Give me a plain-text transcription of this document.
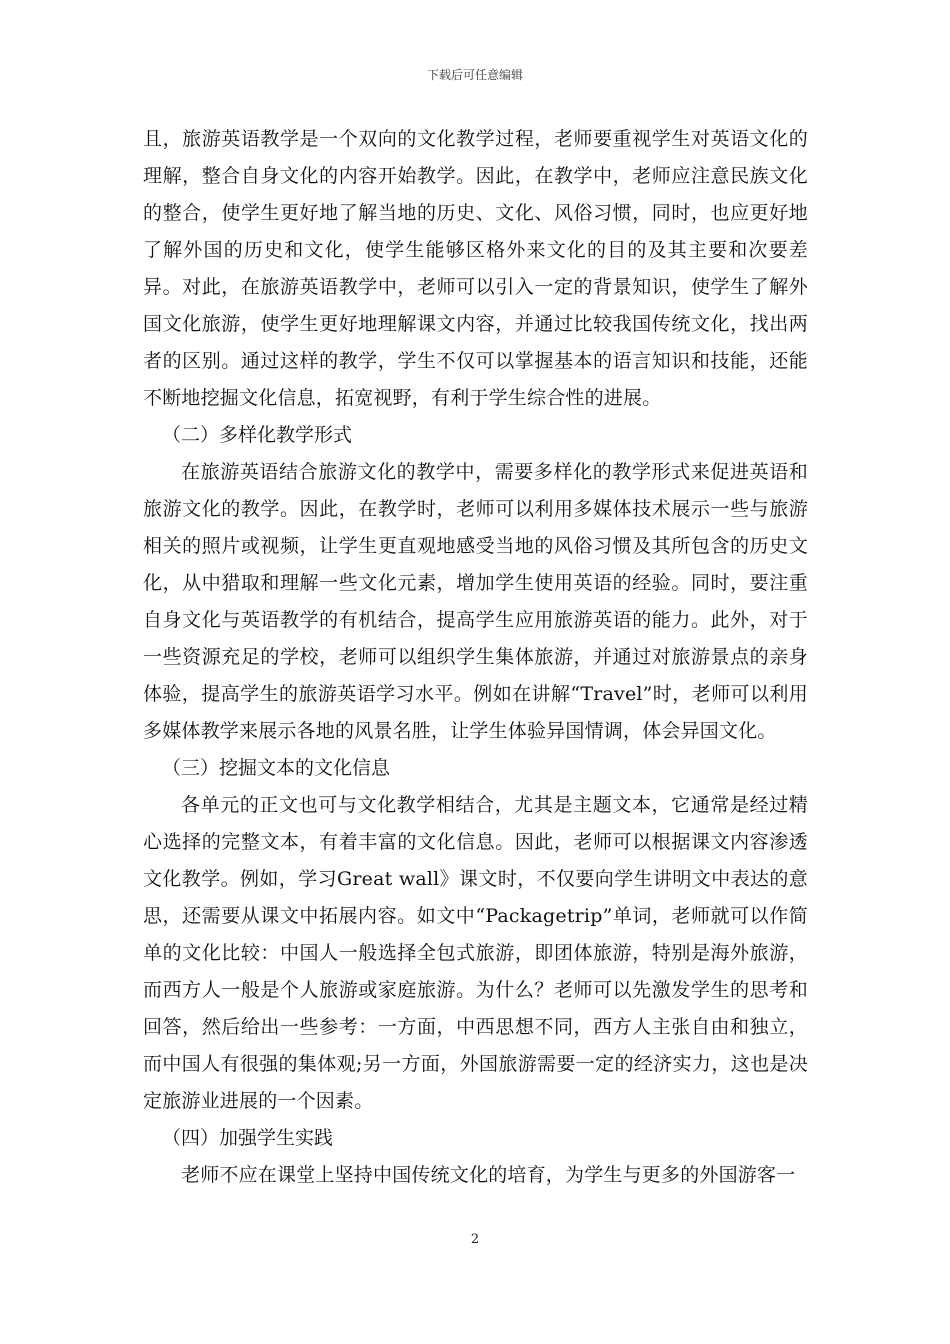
下载后可任意编辑

且，旅游英语教学是一个双向的文化教学过程，老师要重视学生对英语文化的理解，整合自身文化的内容开始教学。因此，在教学中，老师应注意民族文化的整合，使学生更好地了解当地的历史、文化、风俗习惯，同时，也应更好地了解外国的历史和文化，使学生能够区格外来文化的目的及其主要和次要差异。对此，在旅游英语教学中，老师可以引入一定的背景知识，使学生了解外国文化旅游，使学生更好地理解课文内容，并通过比较我国传统文化，找出两者的区别。通过这样的教学，学生不仅可以掌握基本的语言知识和技能，还能不断地挖掘文化信息，拓宽视野，有利于学生综合性的进展。

（二）多样化教学形式

在旅游英语结合旅游文化的教学中，需要多样化的教学形式来促进英语和旅游文化的教学。因此，在教学时，老师可以利用多媒体技术展示一些与旅游相关的照片或视频，让学生更直观地感受当地的风俗习惯及其所包含的历史文化，从中猎取和理解一些文化元素，增加学生使用英语的经验。同时，要注重自身文化与英语教学的有机结合，提高学生应用旅游英语的能力。此外，对于一些资源充足的学校，老师可以组织学生集体旅游，并通过对旅游景点的亲身体验，提高学生的旅游英语学习水平。例如在讲解“Travel”时，老师可以利用多媒体教学来展示各地的风景名胜，让学生体验异国情调，体会异国文化。

（三）挖掘文本的文化信息

各单元的正文也可与文化教学相结合，尤其是主题文本，它通常是经过精心选择的完整文本，有着丰富的文化信息。因此，老师可以根据课文内容渗透文化教学。例如，学习Great wall》课文时，不仅要向学生讲明文中表达的意思，还需要从课文中拓展内容。如文中“Packagetrip”单词，老师就可以作简单的文化比较：中国人一般选择全包式旅游，即团体旅游，特别是海外旅游，而西方人一般是个人旅游或家庭旅游。为什么？老师可以先激发学生的思考和回答，然后给出一些参考：一方面，中西思想不同，西方人主张自由和独立，而中国人有很强的集体观;另一方面，外国旅游需要一定的经济实力，这也是决定旅游业进展的一个因素。

（四）加强学生实践

老师不应在课堂上坚持中国传统文化的培育，为学生与更多的外国游客一

2
